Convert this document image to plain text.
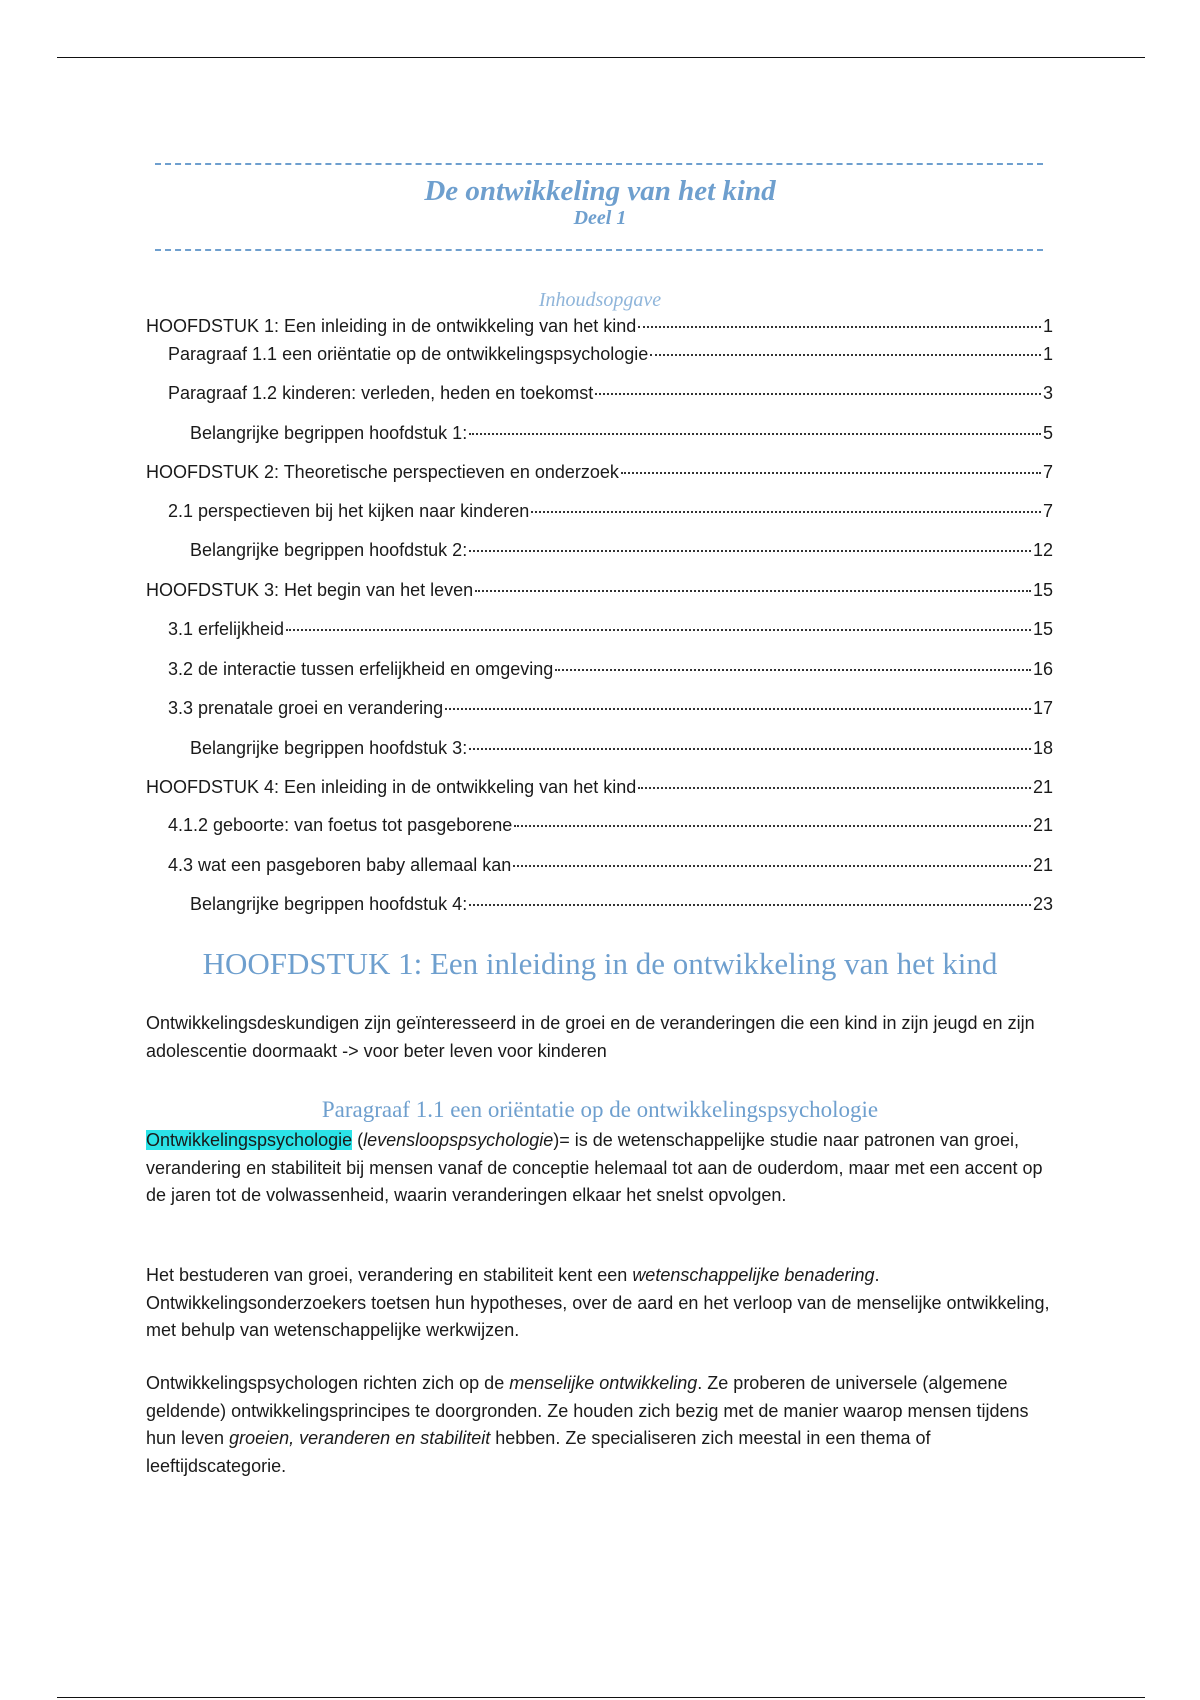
De ontwikkeling van het kind
Deel 1
Inhoudsopgave
HOOFDSTUK 1: Een inleiding in de ontwikkeling van het kind	1
Paragraaf 1.1 een oriëntatie op de ontwikkelingspsychologie	1
Paragraaf 1.2 kinderen: verleden, heden en toekomst	3
Belangrijke begrippen hoofdstuk 1:	5
HOOFDSTUK 2: Theoretische perspectieven en onderzoek	7
2.1 perspectieven bij het kijken naar kinderen	7
Belangrijke begrippen hoofdstuk 2:	12
HOOFDSTUK 3: Het begin van het leven	15
3.1 erfelijkheid	15
3.2 de interactie tussen erfelijkheid en omgeving	16
3.3 prenatale groei en verandering	17
Belangrijke begrippen hoofdstuk 3:	18
HOOFDSTUK 4: Een inleiding in de ontwikkeling van het kind	21
4.1.2 geboorte: van foetus tot pasgeborene	21
4.3 wat een pasgeboren baby allemaal kan	21
Belangrijke begrippen hoofdstuk 4:	23
HOOFDSTUK 1: Een inleiding in de ontwikkeling van het kind
Ontwikkelingsdeskundigen zijn geïnteresseerd in de groei en de veranderingen die een kind in zijn jeugd en zijn adolescentie doormaakt -> voor beter leven voor kinderen
Paragraaf 1.1 een oriëntatie op de ontwikkelingspsychologie
Ontwikkelingspsychologie (levensloopspsychologie)= is de wetenschappelijke studie naar patronen van groei, verandering en stabiliteit bij mensen vanaf de conceptie helemaal tot aan de ouderdom, maar met een accent op de jaren tot de volwassenheid, waarin veranderingen elkaar het snelst opvolgen.
Het bestuderen van groei, verandering en stabiliteit kent een wetenschappelijke benadering. Ontwikkelingsonderzoekers toetsen hun hypotheses, over de aard en het verloop van de menselijke ontwikkeling, met behulp van wetenschappelijke werkwijzen.
Ontwikkelingspsychologen richten zich op de menselijke ontwikkeling. Ze proberen de universele (algemene geldende) ontwikkelingsprincipes te doorgronden. Ze houden zich bezig met de manier waarop mensen tijdens hun leven groeien, veranderen en stabiliteit hebben. Ze specialiseren zich meestal in een thema of leeftijdscategorie.
